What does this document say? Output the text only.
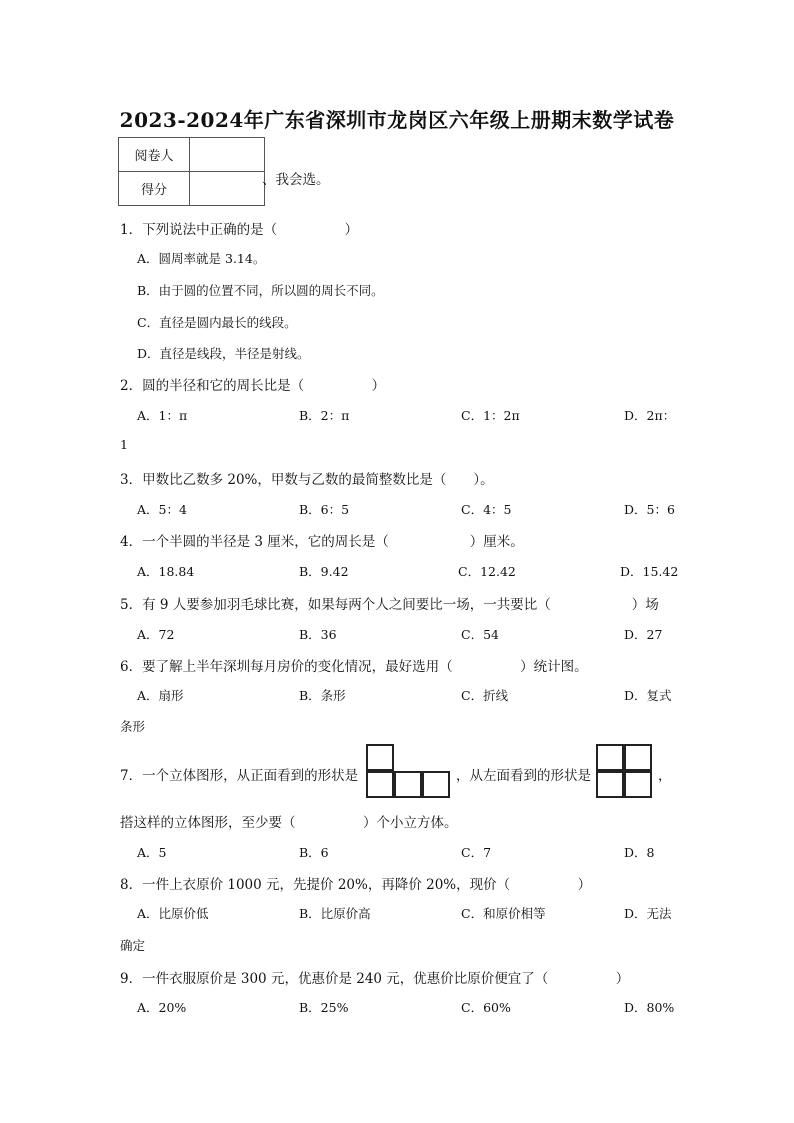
2023-2024年广东省深圳市龙岗区六年级上册期末数学试卷
阅卷人	
得分	
、我会选。
1．下列说法中正确的是（　　　　　）
A．圆周率就是 3.14。
B．由于圆的位置不同，所以圆的周长不同。
C．直径是圆内最长的线段。
D．直径是线段，半径是射线。
2．圆的半径和它的周长比是（　　　　　）
A．1：π	B．2：π	C．1：2π	D．2π：
1
3．甲数比乙数多 20%，甲数与乙数的最简整数比是（　　）。
A．5：4	B．6：5	C．4：5	D．5：6
4．一个半圆的半径是 3 厘米，它的周长是（　　　　　　）厘米。
A．18.84	B．9.42	C．12.42	D．15.42
5．有 9 人要参加羽毛球比赛，如果每两个人之间要比一场，一共要比（　　　　　　）场
A．72	B．36	C．54	D．27
6．要了解上半年深圳每月房价的变化情况，最好选用（　　　　　）统计图。
A．扇形	B．条形	C．折线	D．复式
条形
7．一个立体图形，从正面看到的形状是	，从左面看到的形状是	，
搭这样的立体图形，至少要（　　　　　）个小立方体。
A．5	B．6	C．7	D．8
8．一件上衣原价 1000 元，先提价 20%，再降价 20%，现价（　　　　　）
A．比原价低	B．比原价高	C．和原价相等	D．无法
确定
9．一件衣服原价是 300 元，优惠价是 240 元，优惠价比原价便宜了（　　　　　）
A．20%	B．25%	C．60%	D．80%
